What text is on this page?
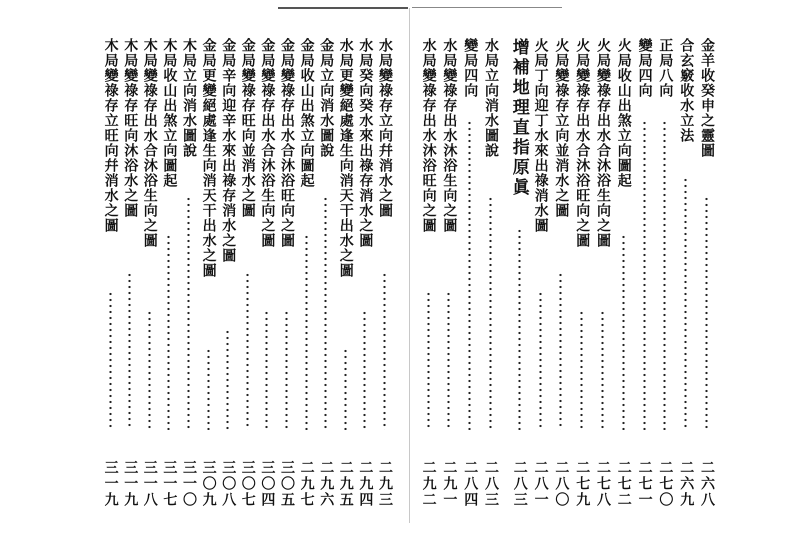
水局變祿存立向幷消水之圖
二九三
水局癸向癸水來出祿存消水之圖
二九四
水局更變絕處逢生向消天干出水之圖
二九五
金局立向消水圖說
二九六
金局收山出煞立向圖起
二九七
金局變祿存出水合沐浴旺向之圖
三〇五
金局變祿存出水合沐浴生向之圖
三〇四
金局變祿存旺向並消水之圖
三〇七
金局辛向迎辛水來出祿存消水之圖
三〇八
金局更變絕處逢生向消天干出水之圖
三〇九
木局立向消水圖說
三一〇
木局收山出煞立向圖起
三一七
木局變祿存出水合沐浴生向之圖
三一八
木局變祿存旺向沐浴水之圖
三一九
木局變祿存立旺向幷消水之圖
三一九
金羊收癸申之靈圖
二六八
合玄竅收水立法
二六九
正局八向
二七〇
變局四向
二七一
火局收山出煞立向圖起
二七二
火局變祿存出水合沐浴生向之圖
二七八
火局變祿存出水合沐浴旺向之圖
二七九
火局變祿存立向並消水之圖
二八〇
火局丁向迎丁水來出祿消水圖
二八一
增補地理直指原眞
二八三
水局立向消水圖說
二八三
變局四向
二八四
水局變祿存出水沐浴生向之圖
二九一
水局變祿存出水沐浴旺向之圖
二九二
